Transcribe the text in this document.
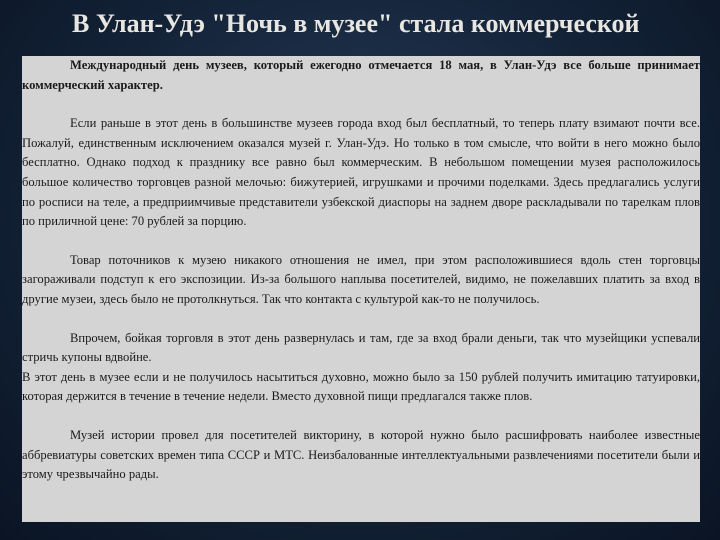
В Улан-Удэ "Ночь в музее" стала коммерческой

Международный день музеев, который ежегодно отмечается 18 мая, в Улан-Удэ все больше принимает коммерческий характер.

Если раньше в этот день в большинстве музеев города вход был бесплатный, то теперь плату взимают почти все. Пожалуй, единственным исключением оказался музей г. Улан-Удэ. Но только в том смысле, что войти в него можно было бесплатно. Однако подход к празднику все равно был коммерческим. В небольшом помещении музея расположилось большое количество торговцев разной мелочью: бижутерией, игрушками и прочими поделками. Здесь предлагались услуги по росписи на теле, а предприимчивые представители узбекской диаспоры на заднем дворе раскладывали по тарелкам плов по приличной цене: 70 рублей за порцию.

Товар поточников к музею никакого отношения не имел, при этом расположившиеся вдоль стен торговцы загораживали подступ к его экспозиции. Из-за большого наплыва посетителей, видимо, не пожелавших платить за вход в другие музеи, здесь было не протолкнуться. Так что контакта с культурой как-то не получилось.

Впрочем, бойкая торговля в этот день развернулась и там, где за вход брали деньги, так что музейщики успевали стричь купоны вдвойне.

В этот день в музее если и не получилось насытиться духовно, можно было за 150 рублей получить имитацию татуировки, которая держится в течение в течение недели. Вместо духовной пищи предлагался также плов.

Музей истории провел для посетителей викторину, в которой нужно было расшифровать наиболее известные аббревиатуры советских времен типа СССР и МТС. Неизбалованные интеллектуальными развлечениями посетители были и этому чрезвычайно рады.
